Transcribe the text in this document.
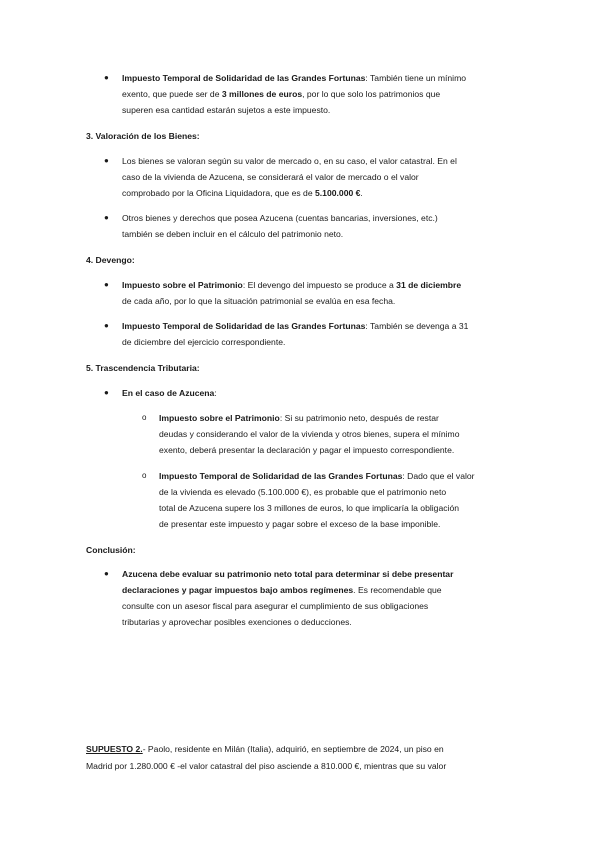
● Impuesto Temporal de Solidaridad de las Grandes Fortunas: También tiene un mínimo
exento, que puede ser de 3 millones de euros, por lo que solo los patrimonios que
superen esa cantidad estarán sujetos a este impuesto.
3. Valoración de los Bienes:
● Los bienes se valoran según su valor de mercado o, en su caso, el valor catastral. En el
caso de la vivienda de Azucena, se considerará el valor de mercado o el valor
comprobado por la Oficina Liquidadora, que es de 5.100.000 €.
● Otros bienes y derechos que posea Azucena (cuentas bancarias, inversiones, etc.)
también se deben incluir en el cálculo del patrimonio neto.
4. Devengo:
● Impuesto sobre el Patrimonio: El devengo del impuesto se produce a 31 de diciembre
de cada año, por lo que la situación patrimonial se evalúa en esa fecha.
● Impuesto Temporal de Solidaridad de las Grandes Fortunas: También se devenga a 31
de diciembre del ejercicio correspondiente.
5. Trascendencia Tributaria:
● En el caso de Azucena:
o Impuesto sobre el Patrimonio: Si su patrimonio neto, después de restar
deudas y considerando el valor de la vivienda y otros bienes, supera el mínimo
exento, deberá presentar la declaración y pagar el impuesto correspondiente.
o Impuesto Temporal de Solidaridad de las Grandes Fortunas: Dado que el valor
de la vivienda es elevado (5.100.000 €), es probable que el patrimonio neto
total de Azucena supere los 3 millones de euros, lo que implicaría la obligación
de presentar este impuesto y pagar sobre el exceso de la base imponible.
Conclusión:
● Azucena debe evaluar su patrimonio neto total para determinar si debe presentar
declaraciones y pagar impuestos bajo ambos regímenes. Es recomendable que
consulte con un asesor fiscal para asegurar el cumplimiento de sus obligaciones
tributarias y aprovechar posibles exenciones o deducciones.
SUPUESTO 2.- Paolo, residente en Milán (Italia), adquirió, en septiembre de 2024, un piso en
Madrid por 1.280.000 € -el valor catastral del piso asciende a 810.000 €, mientras que su valor
